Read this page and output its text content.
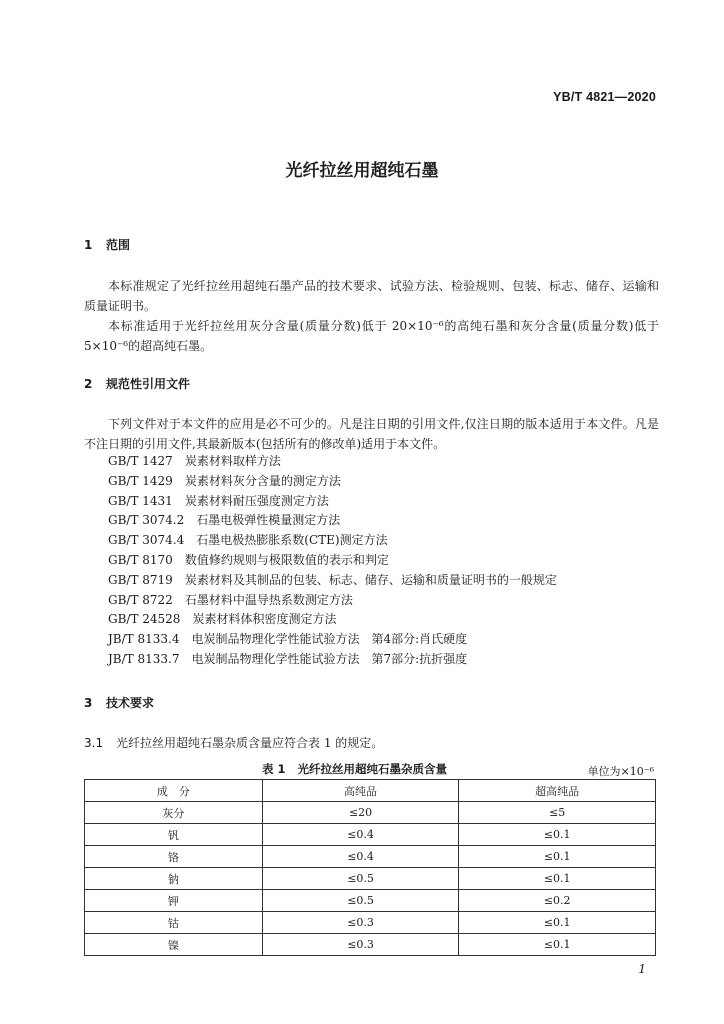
YB/T 4821—2020
光纤拉丝用超纯石墨
1 范围

本标准规定了光纤拉丝用超纯石墨产品的技术要求、试验方法、检验规则、包装、标志、储存、运输和质量证明书。

本标准适用于光纤拉丝用灰分含量(质量分数)低于 20×10⁻⁶的高纯石墨和灰分含量(质量分数)低于 5×10⁻⁶的超高纯石墨。

2 规范性引用文件

下列文件对于本文件的应用是必不可少的。凡是注日期的引用文件,仅注日期的版本适用于本文件。凡是不注日期的引用文件,其最新版本(包括所有的修改单)适用于本文件。

GB/T 1427　 炭素材料取样方法
GB/T 1429　 炭素材料灰分含量的测定方法
GB/T 1431　 炭素材料耐压强度测定方法
GB/T 3074.2　 石墨电极弹性模量测定方法
GB/T 3074.4　 石墨电极热膨胀系数(CTE)测定方法
GB/T 8170　 数值修约规则与极限数值的表示和判定
GB/T 8719　 炭素材料及其制品的包装、标志、储存、运输和质量证明书的一般规定
GB/T 8722　 石墨材料中温导热系数测定方法
GB/T 24528　 炭素材料体积密度测定方法
JB/T 8133.4　 电炭制品物理化学性能试验方法　第4部分:肖氏硬度
JB/T 8133.7　 电炭制品物理化学性能试验方法　第7部分:抗折强度
3 技术要求
3.1 光纤拉丝用超纯石墨杂质含量应符合表 1 的规定。
表 1 光纤拉丝用超纯石墨杂质含量	单位为×10⁻⁶
成　分	高纯品	超高纯品
灰分	≤20	≤5
钒	≤0.4	≤0.1
铬	≤0.4	≤0.1
钠	≤0.5	≤0.1
钾	≤0.5	≤0.2
钴	≤0.3	≤0.1
镍	≤0.3	≤0.1
1
